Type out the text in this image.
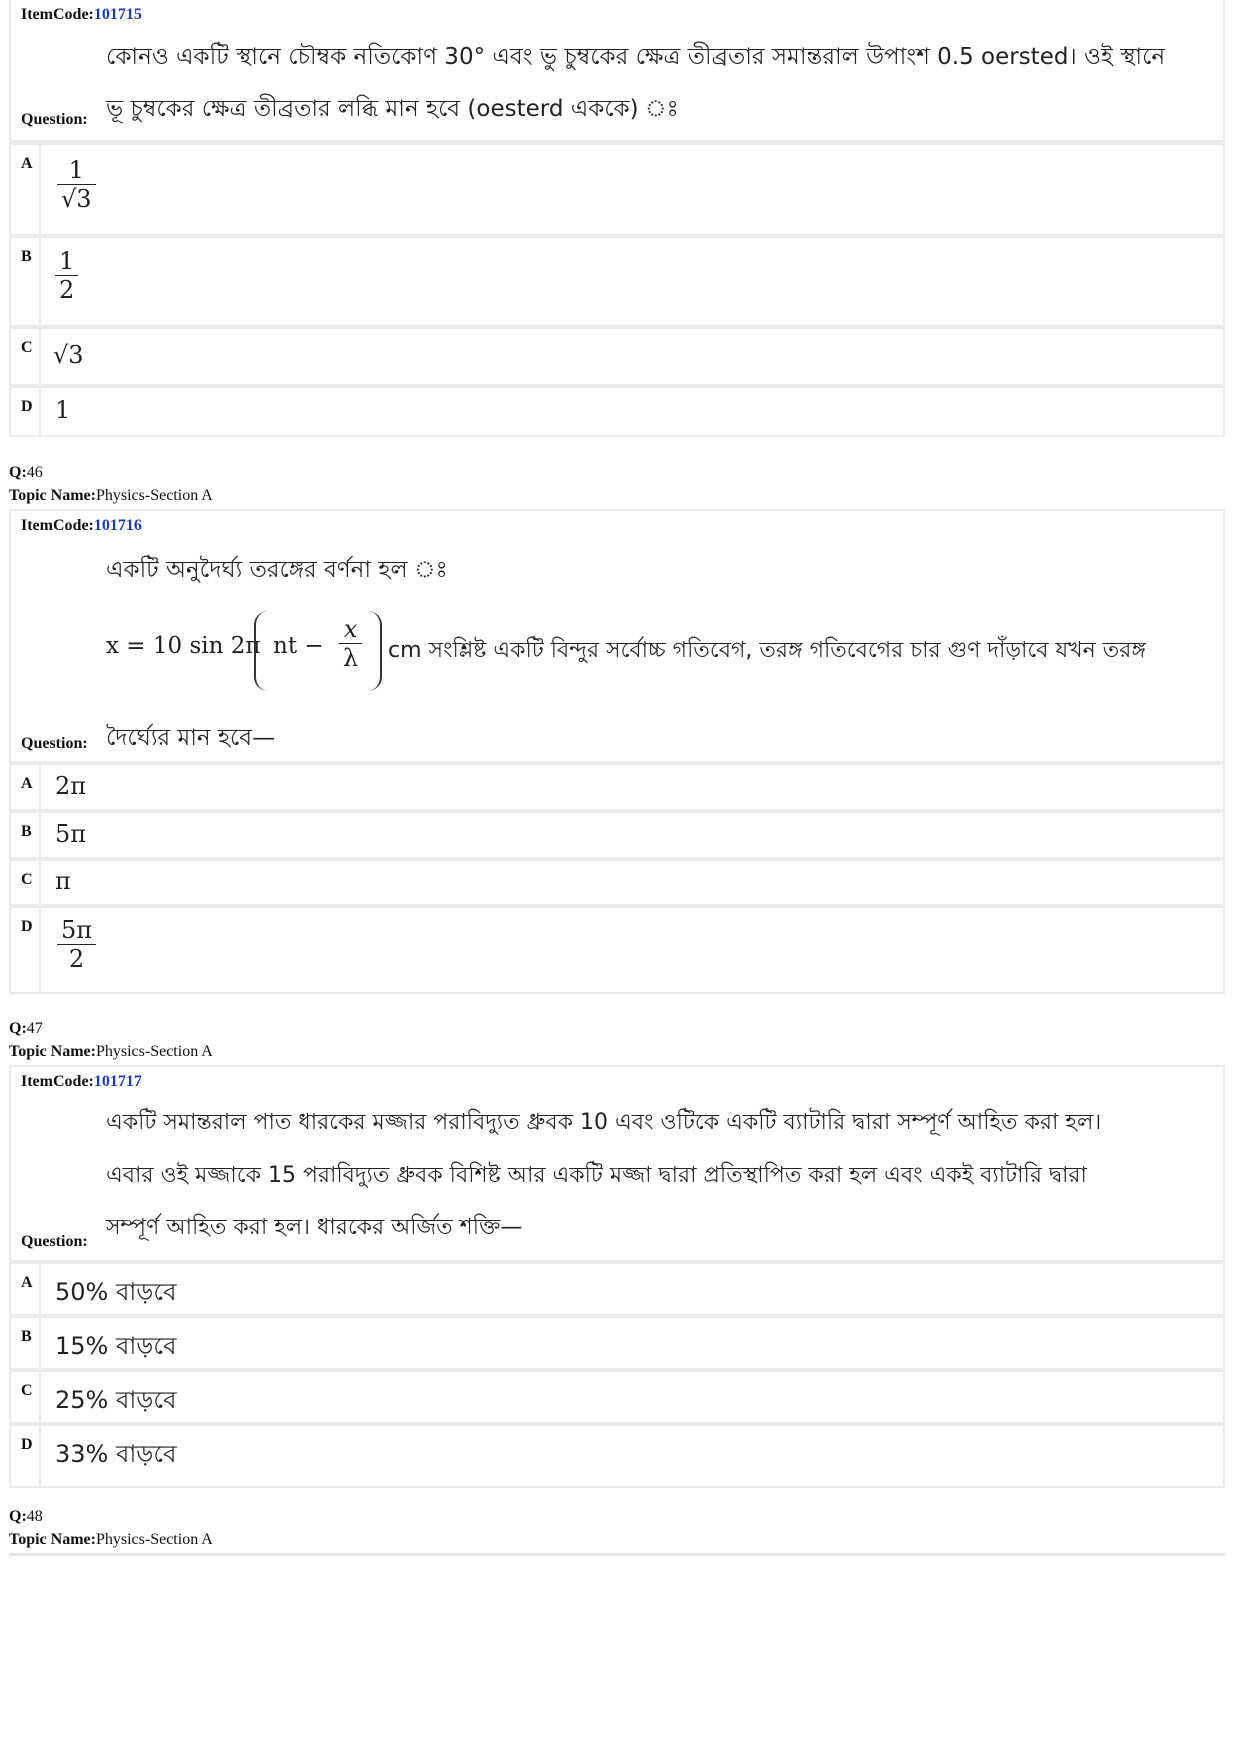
ItemCode:101715
কোনও একটি স্থানে চৌম্বক নতিকোণ 30° এবং ভু চুম্বকের ক্ষেত্র তীব্রতার সমান্তরাল উপাংশ 0.5 oersted। ওই স্থানে
ভূ চুম্বকের ক্ষেত্র তীব্রতার লব্ধি মান হবে (oesterd এককে) ঃ
Question:
A $\frac{1}{√3}$
B $\frac{1}{2}$
C √3
D 1
Q:46
Topic Name:Physics-Section A
ItemCode:101716
একটি অনুদৈর্ঘ্য তরঙ্গের বর্ণনা হল ঃ
x = 10 sin 2π nt − $\frac{x}{\lambda}$ cm সংশ্লিষ্ট একটি বিন্দুর সর্বোচ্চ গতিবেগ, তরঙ্গ গতিবেগের চার গুণ দাঁড়াবে যখন তরঙ্গ
দৈর্ঘ্যের মান হবে—
Question:
A 2π
B 5π
C π
D $\frac{5\pi}{2}$
Q:47
Topic Name:Physics-Section A
ItemCode:101717
একটি সমান্তরাল পাত ধারকের মজ্জার পরাবিদ্যুত ধ্রুবক 10 এবং ওটিকে একটি ব্যাটারি দ্বারা সম্পূর্ণ আহিত করা হল।
এবার ওই মজ্জাকে 15 পরাবিদ্যুত ধ্রুবক বিশিষ্ট আর একটি মজ্জা দ্বারা প্রতিস্থাপিত করা হল এবং একই ব্যাটারি দ্বারা
সম্পূর্ণ আহিত করা হল। ধারকের অর্জিত শক্তি—
Question:
A 50% বাড়বে
B 15% বাড়বে
C 25% বাড়বে
D 33% বাড়বে
Q:48
Topic Name:Physics-Section A
